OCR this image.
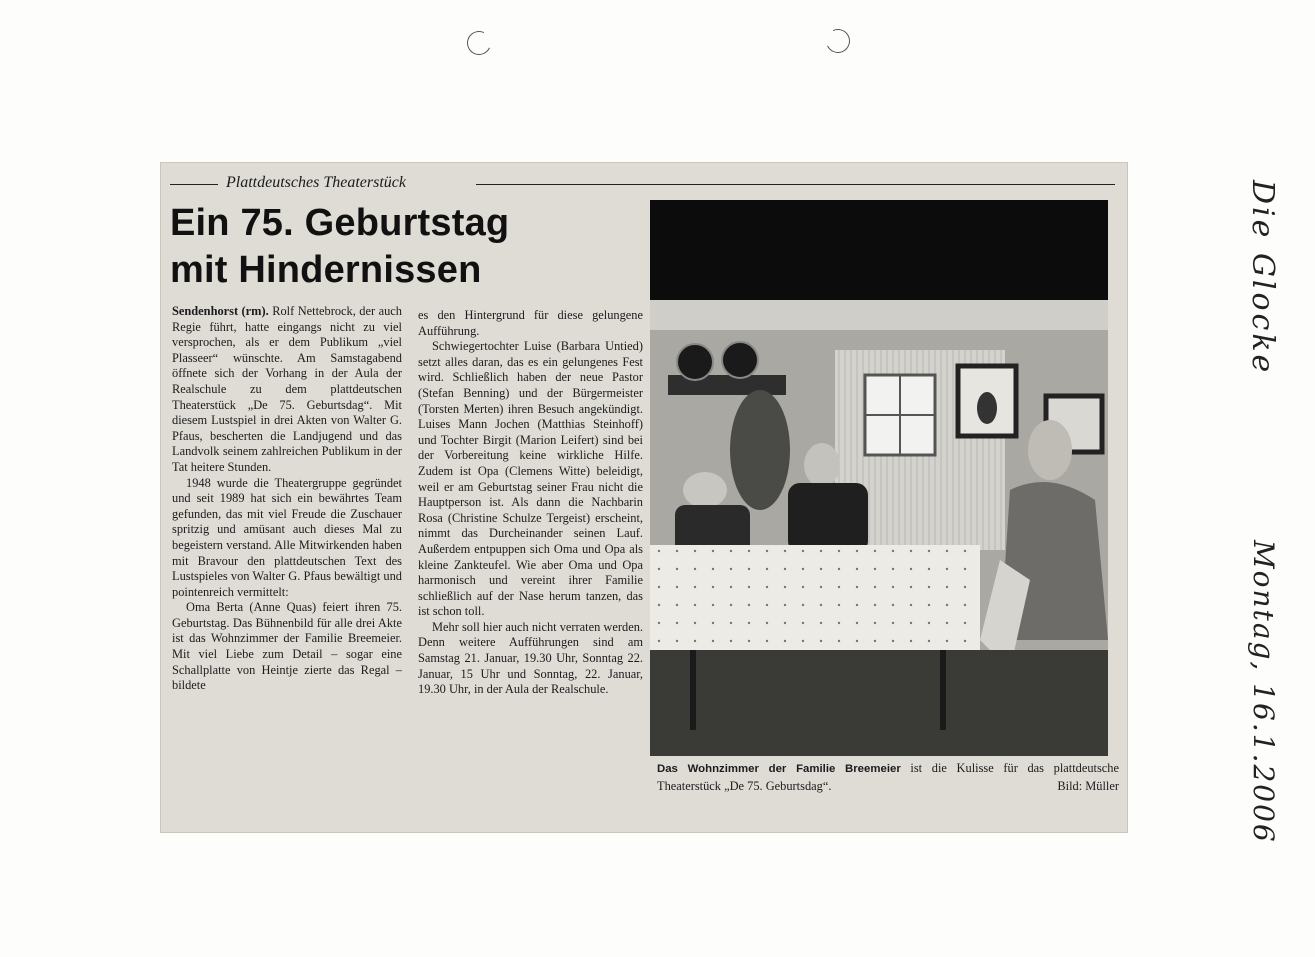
Plattdeutsches Theaterstück
Ein 75. Geburtstag
mit Hindernissen

Sendenhorst (rm). Rolf Nettebrock, der auch Regie führt, hatte eingangs nicht zu viel versprochen, als er dem Publikum „viel Plasseer“ wünschte. Am Samstagabend öffnete sich der Vorhang in der Aula der Realschule zu dem plattdeutschen Theaterstück „De 75. Geburtsdag“. Mit diesem Lustspiel in drei Akten von Walter G. Pfaus, bescherten die Landjugend und das Landvolk seinem zahlreichen Publikum in der Tat heitere Stunden.

1948 wurde die Theatergruppe gegründet und seit 1989 hat sich ein bewährtes Team gefunden, das mit viel Freude die Zuschauer spritzig und amüsant auch dieses Mal zu begeistern verstand. Alle Mitwirkenden haben mit Bravour den plattdeutschen Text des Lustspieles von Walter G. Pfaus bewältigt und pointenreich vermittelt:

Oma Berta (Anne Quas) feiert ihren 75. Geburtstag. Das Bühnenbild für alle drei Akte ist das Wohnzimmer der Familie Breemeier. Mit viel Liebe zum Detail – sogar eine Schallplatte von Heintje zierte das Regal – bildete

es den Hintergrund für diese gelungene Aufführung.

Schwiegertochter Luise (Barbara Untied) setzt alles daran, das es ein gelungenes Fest wird. Schließlich haben der neue Pastor (Stefan Benning) und der Bürgermeister (Torsten Merten) ihren Besuch angekündigt. Luises Mann Jochen (Matthias Steinhoff) und Tochter Birgit (Marion Leifert) sind bei der Vorbereitung keine wirkliche Hilfe. Zudem ist Opa (Clemens Witte) beleidigt, weil er am Geburtstag seiner Frau nicht die Hauptperson ist. Als dann die Nachbarin Rosa (Christine Schulze Tergeist) erscheint, nimmt das Durcheinander seinen Lauf. Außerdem entpuppen sich Oma und Opa als kleine Zankteufel. Wie aber Oma und Opa harmonisch und vereint ihrer Familie schließlich auf der Nase herum tanzen, das ist schon toll.

Mehr soll hier auch nicht verraten werden. Denn weitere Aufführungen sind am Samstag 21. Januar, 19.30 Uhr, Sonntag 22. Januar, 15 Uhr und Sonntag, 22. Januar, 19.30 Uhr, in der Aula der Realschule.

Das Wohnzimmer der Familie Breemeier ist die Kulisse für das plattdeutsche Theaterstück „De 75. Geburtsdag“.	Bild: Müller
Die Glocke
Montag, 16.1.2006
